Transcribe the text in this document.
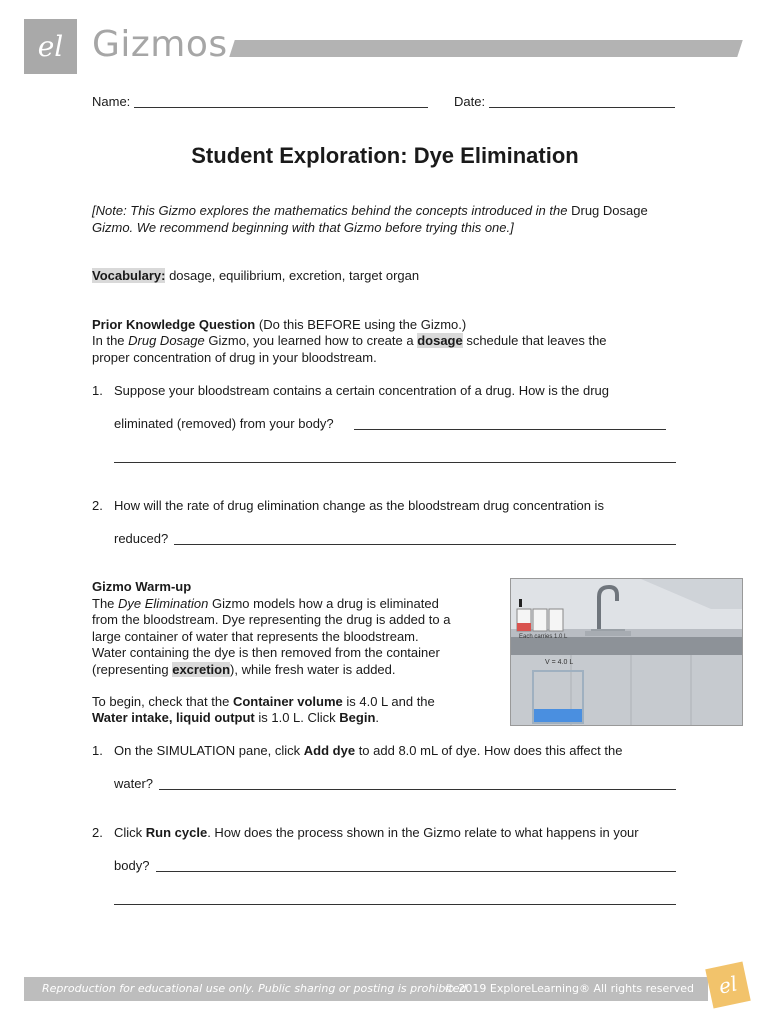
el Gizmos
Name:	Date:
Student Exploration: Dye Elimination
[Note: This Gizmo explores the mathematics behind the concepts introduced in the Drug Dosage Gizmo. We recommend beginning with that Gizmo before trying this one.]
Vocabulary: dosage, equilibrium, excretion, target organ
Prior Knowledge Question (Do this BEFORE using the Gizmo.)
In the Drug Dosage Gizmo, you learned how to create a dosage schedule that leaves the
proper concentration of drug in your bloodstream.
1. Suppose your bloodstream contains a certain concentration of a drug. How is the drug
eliminated (removed) from your body?
2. How will the rate of drug elimination change as the bloodstream drug concentration is
reduced?
Gizmo Warm-up
The Dye Elimination Gizmo models how a drug is eliminated
from the bloodstream. Dye representing the drug is added to a
large container of water that represents the bloodstream.
Water containing the dye is then removed from the container
(representing excretion), while fresh water is added.
To begin, check that the Container volume is 4.0 L and the
Water intake, liquid output is 1.0 L. Click Begin.
Each carries 1.0 L
V = 4.0 L
1. On the SIMULATION pane, click Add dye to add 8.0 mL of dye. How does this affect the
water?
2. Click Run cycle. How does the process shown in the Gizmo relate to what happens in your
body?
Reproduction for educational use only. Public sharing or posting is prohibited.
© 2019 ExploreLearning® All rights reserved el
